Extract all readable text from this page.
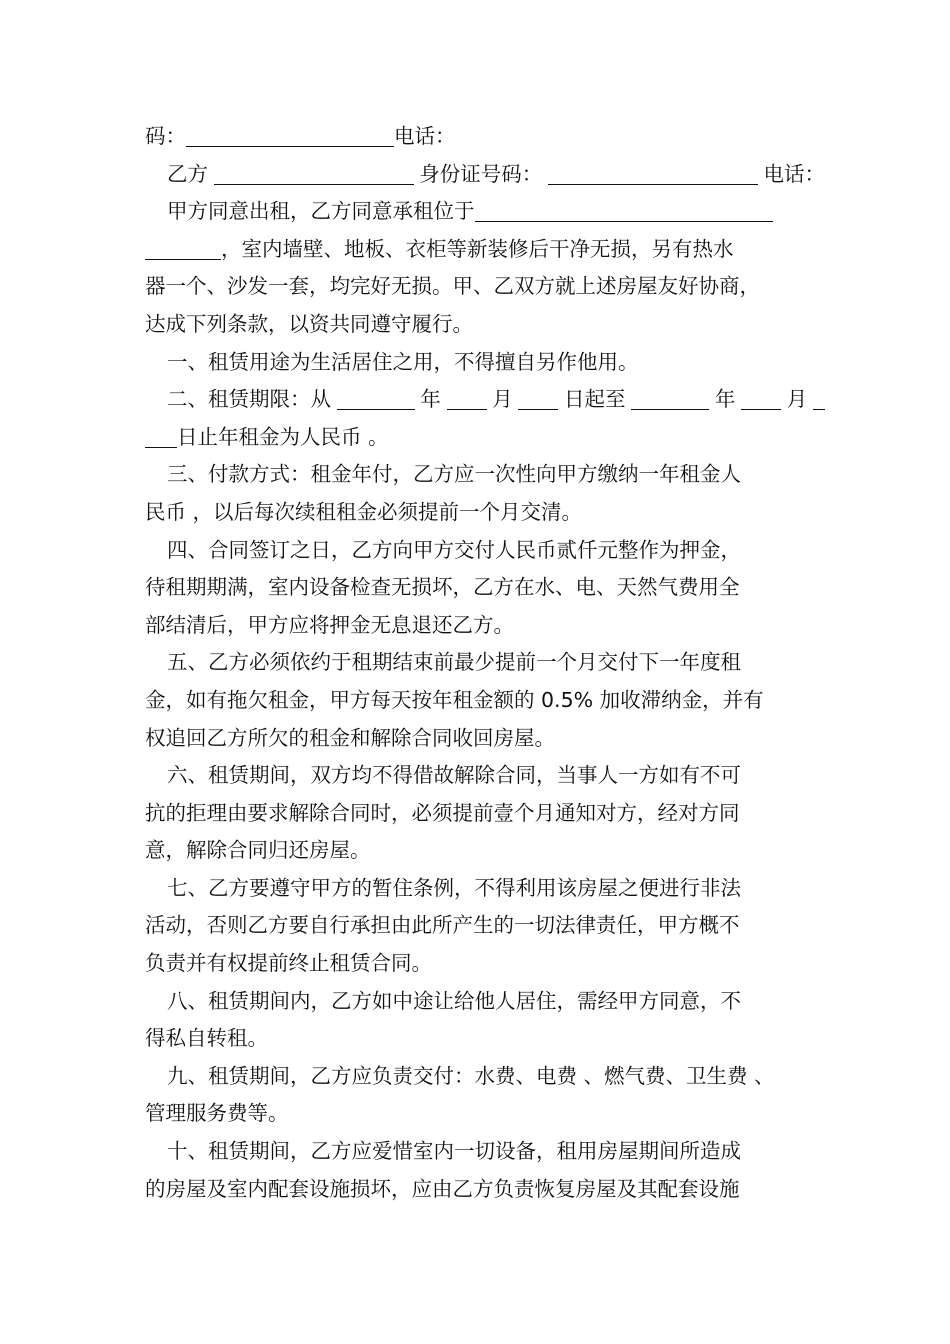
码：	电话：
乙方	身份证号码：	电话：
甲方同意出租，乙方同意承租位于
，室内墙壁、地板、衣柜等新装修后干净无损，另有热水
器一个、沙发一套，均完好无损。甲、乙双方就上述房屋友好协商，
达成下列条款，以资共同遵守履行。
一、租赁用途为生活居住之用，不得擅自另作他用。
二、租赁期限：从	年	月	日起至	年	月
日止年租金为人民币 。
三、付款方式：租金年付，乙方应一次性向甲方缴纳一年租金人
民币 ，以后每次续租租金必须提前一个月交清。
四、合同签订之日，乙方向甲方交付人民币贰仟元整作为押金，
待租期期满，室内设备检查无损坏，乙方在水、电、天然气费用全
部结清后，甲方应将押金无息退还乙方。
五、乙方必须依约于租期结束前最少提前一个月交付下一年度租
金，如有拖欠租金，甲方每天按年租金额的 0.5% 加收滞纳金，并有
权追回乙方所欠的租金和解除合同收回房屋。
六、租赁期间，双方均不得借故解除合同，当事人一方如有不可
抗的拒理由要求解除合同时，必须提前壹个月通知对方，经对方同
意，解除合同归还房屋。
七、乙方要遵守甲方的暂住条例，不得利用该房屋之便进行非法
活动，否则乙方要自行承担由此所产生的一切法律责任，甲方概不
负责并有权提前终止租赁合同。
八、租赁期间内，乙方如中途让给他人居住，需经甲方同意，不
得私自转租。
九、租赁期间，乙方应负责交付：水费、电费 、燃气费、卫生费 、
管理服务费等。
十、租赁期间，乙方应爱惜室内一切设备，租用房屋期间所造成
的房屋及室内配套设施损坏，应由乙方负责恢复房屋及其配套设施
